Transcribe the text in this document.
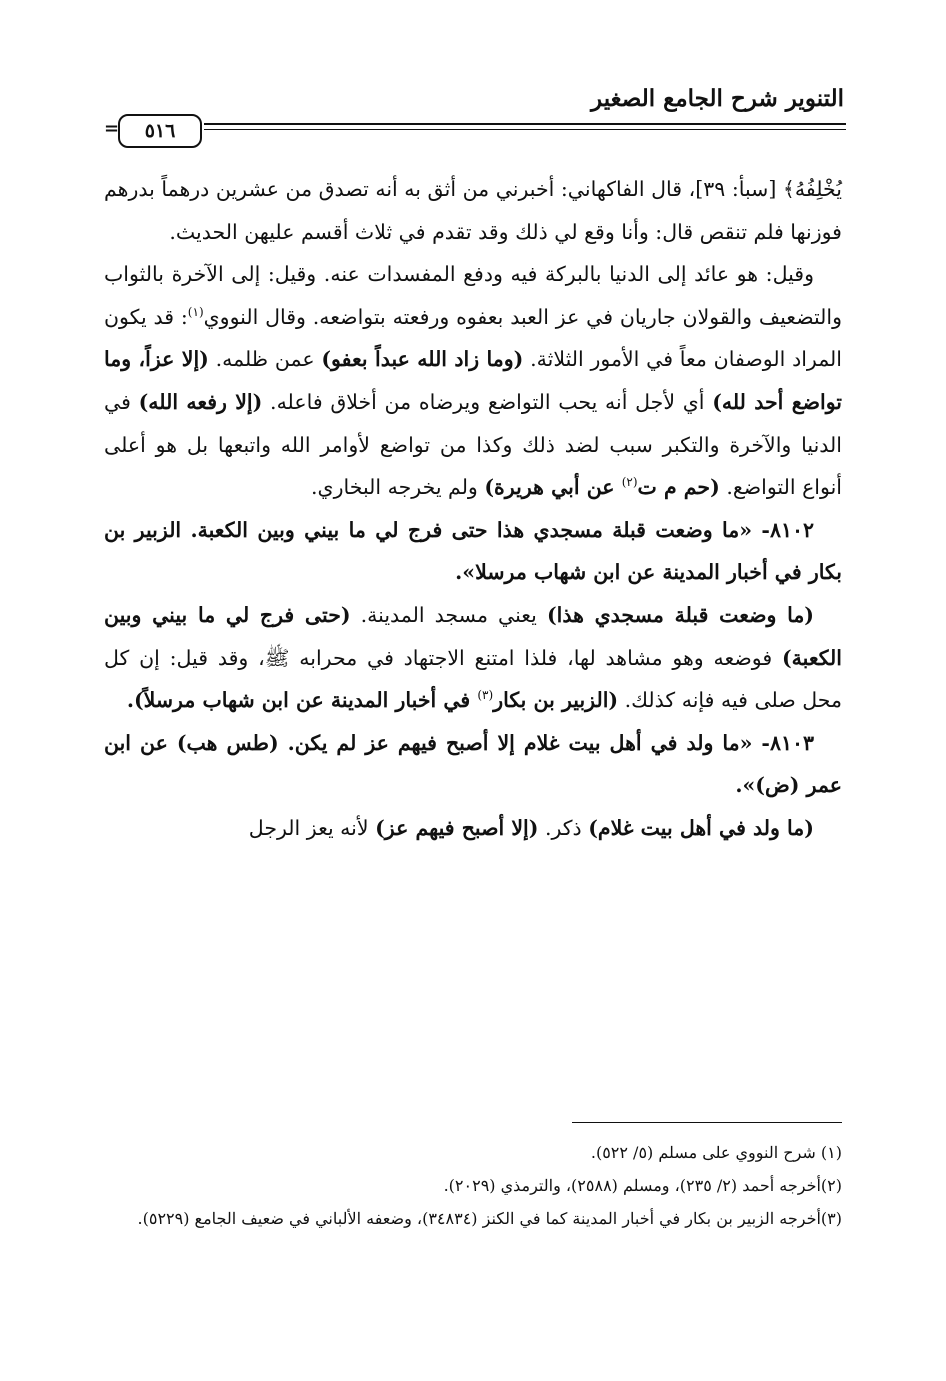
التنوير شرح الجامع الصغير
٥١٦
=

يُخْلِفُهُ﴾ [سبأ: ٣٩]، قال الفاكهاني: أخبرني من أثق به أنه تصدق من عشرين درهماً بدرهم فوزنها فلم تنقص قال: وأنا وقع لي ذلك وقد تقدم في ثلاث أقسم عليهن الحديث.

وقيل: هو عائد إلى الدنيا بالبركة فيه ودفع المفسدات عنه. وقيل: إلى الآخرة بالثواب والتضعيف والقولان جاريان في عز العبد بعفوه ورفعته بتواضعه. وقال النووي$^{(١)}$: قد يكون المراد الوصفان معاً في الأمور الثلاثة. (وما زاد الله عبداً بعفو) عمن ظلمه. (إلا عزاً، وما تواضع أحد لله) أي لأجل أنه يحب التواضع ويرضاه من أخلاق فاعله. (إلا رفعه الله) في الدنيا والآخرة والتكبر سبب لضد ذلك وكذا من تواضع لأوامر الله واتبعها بل هو أعلى أنواع التواضع. (حم م ت$^{(٢)}$ عن أبي هريرة) ولم يخرجه البخاري.

٨١٠٢- «ما وضعت قبلة مسجدي هذا حتى فرج لي ما بيني وبين الكعبة. الزبير بن بكار في أخبار المدينة عن ابن شهاب مرسلا».

(ما وضعت قبلة مسجدي هذا) يعني مسجد المدينة. (حتى فرج لي ما بيني وبين الكعبة) فوضعه وهو مشاهد لها، فلذا امتنع الاجتهاد في محرابه ﷺ، وقد قيل: إن كل محل صلى فيه فإنه كذلك. (الزبير بن بكار$^{(٣)}$ في أخبار المدينة عن ابن شهاب مرسلاً).

٨١٠٣- «ما ولد في أهل بيت غلام إلا أصبح فيهم عز لم يكن. (طس هب) عن ابن عمر (ض)».

(ما ولد في أهل بيت غلام) ذكر. (إلا أصبح فيهم عز) لأنه يعز الرجل

(١) شرح النووي على مسلم (٥/ ٥٢٢).

(٢)أخرجه أحمد (٢/ ٢٣٥)، ومسلم (٢٥٨٨)، والترمذي (٢٠٢٩).

(٣)أخرجه الزبير بن بكار في أخبار المدينة كما في الكنز (٣٤٨٣٤)، وضعفه الألباني في ضعيف الجامع (٥٢٢٩).
